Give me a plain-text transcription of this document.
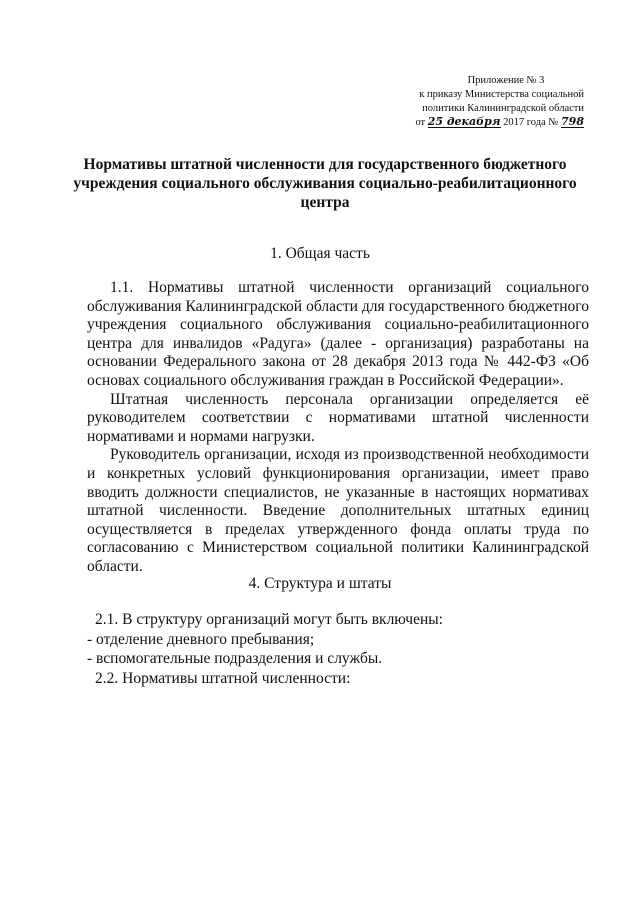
Приложение № 3
к приказу Министерства социальной
политики Калининградской области
от 25 декабря 2017 года № 798
Нормативы штатной численности для государственного бюджетного учреждения социального обслуживания социально-реабилитационного центра
1. Общая часть

1.1. Нормативы штатной численности организаций социального обслуживания Калининградской области для государственного бюджетного учреждения социального обслуживания социально-реабилитационного центра для инвалидов «Радуга» (далее - организация) разработаны на основании Федерального закона от 28 декабря 2013 года № 442-ФЗ «Об основах социального обслуживания граждан в Российской Федерации».

Штатная численность персонала организации определяется её руководителем соответствии с нормативами штатной численности нормативами и нормами нагрузки.

Руководитель организации, исходя из производственной необходимости и конкретных условий функционирования организации, имеет право вводить должности специалистов, не указанные в настоящих нормативах штатной численности. Введение дополнительных штатных единиц осуществляется в пределах утвержденного фонда оплаты труда по согласованию с Министерством социальной политики Калининградской области.

4. Структура и штаты
2.1. В структуру организаций могут быть включены:
- отделение дневного пребывания;
- вспомогательные подразделения и службы.
2.2. Нормативы штатной численности:
